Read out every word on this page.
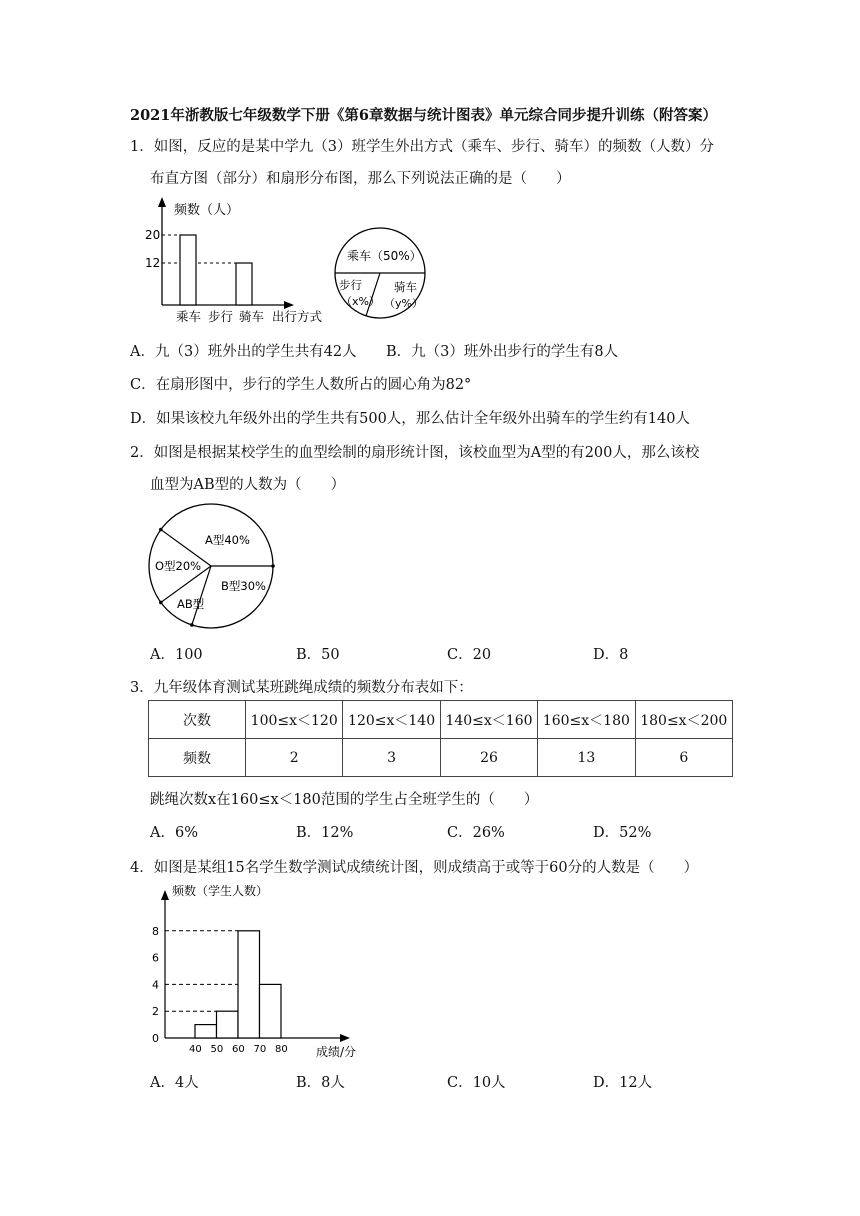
2021年浙教版七年级数学下册《第6章数据与统计图表》单元综合同步提升训练（附答案）
1．如图，反应的是某中学九（3）班学生外出方式（乘车、步行、骑车）的频数（人数）分
布直方图（部分）和扇形分布图，那么下列说法正确的是（　　）
频数（人）
20
12
乘车 步行 骑车 出行方式
乘车（50%）
步行
（x%）
骑车
（y%）
A．九（3）班外出的学生共有42人 B．九（3）班外出步行的学生有8人
C．在扇形图中，步行的学生人数所占的圆心角为82°
D．如果该校九年级外出的学生共有500人，那么估计全年级外出骑车的学生约有140人
2．如图是根据某校学生的血型绘制的扇形统计图，该校血型为A型的有200人，那么该校
血型为AB型的人数为（　　）
A型40%
B型30%
O型20%
AB型
A．100	B．50	C．20	D．8
3．九年级体育测试某班跳绳成绩的频数分布表如下：
次数	100≤x＜120	120≤x＜140	140≤x＜160	160≤x＜180	180≤x＜200
频数	2	3	26	13	6
跳绳次数x在160≤x＜180范围的学生占全班学生的（　　）
A．6%	B．12%	C．26%	D．52%
4．如图是某组15名学生数学测试成绩统计图，则成绩高于或等于60分的人数是（　　）
频数（学生人数）
成绩/分
0
2
4
6
8
40 50 60 70 80
A．4人	B．8人	C．10人	D．12人
